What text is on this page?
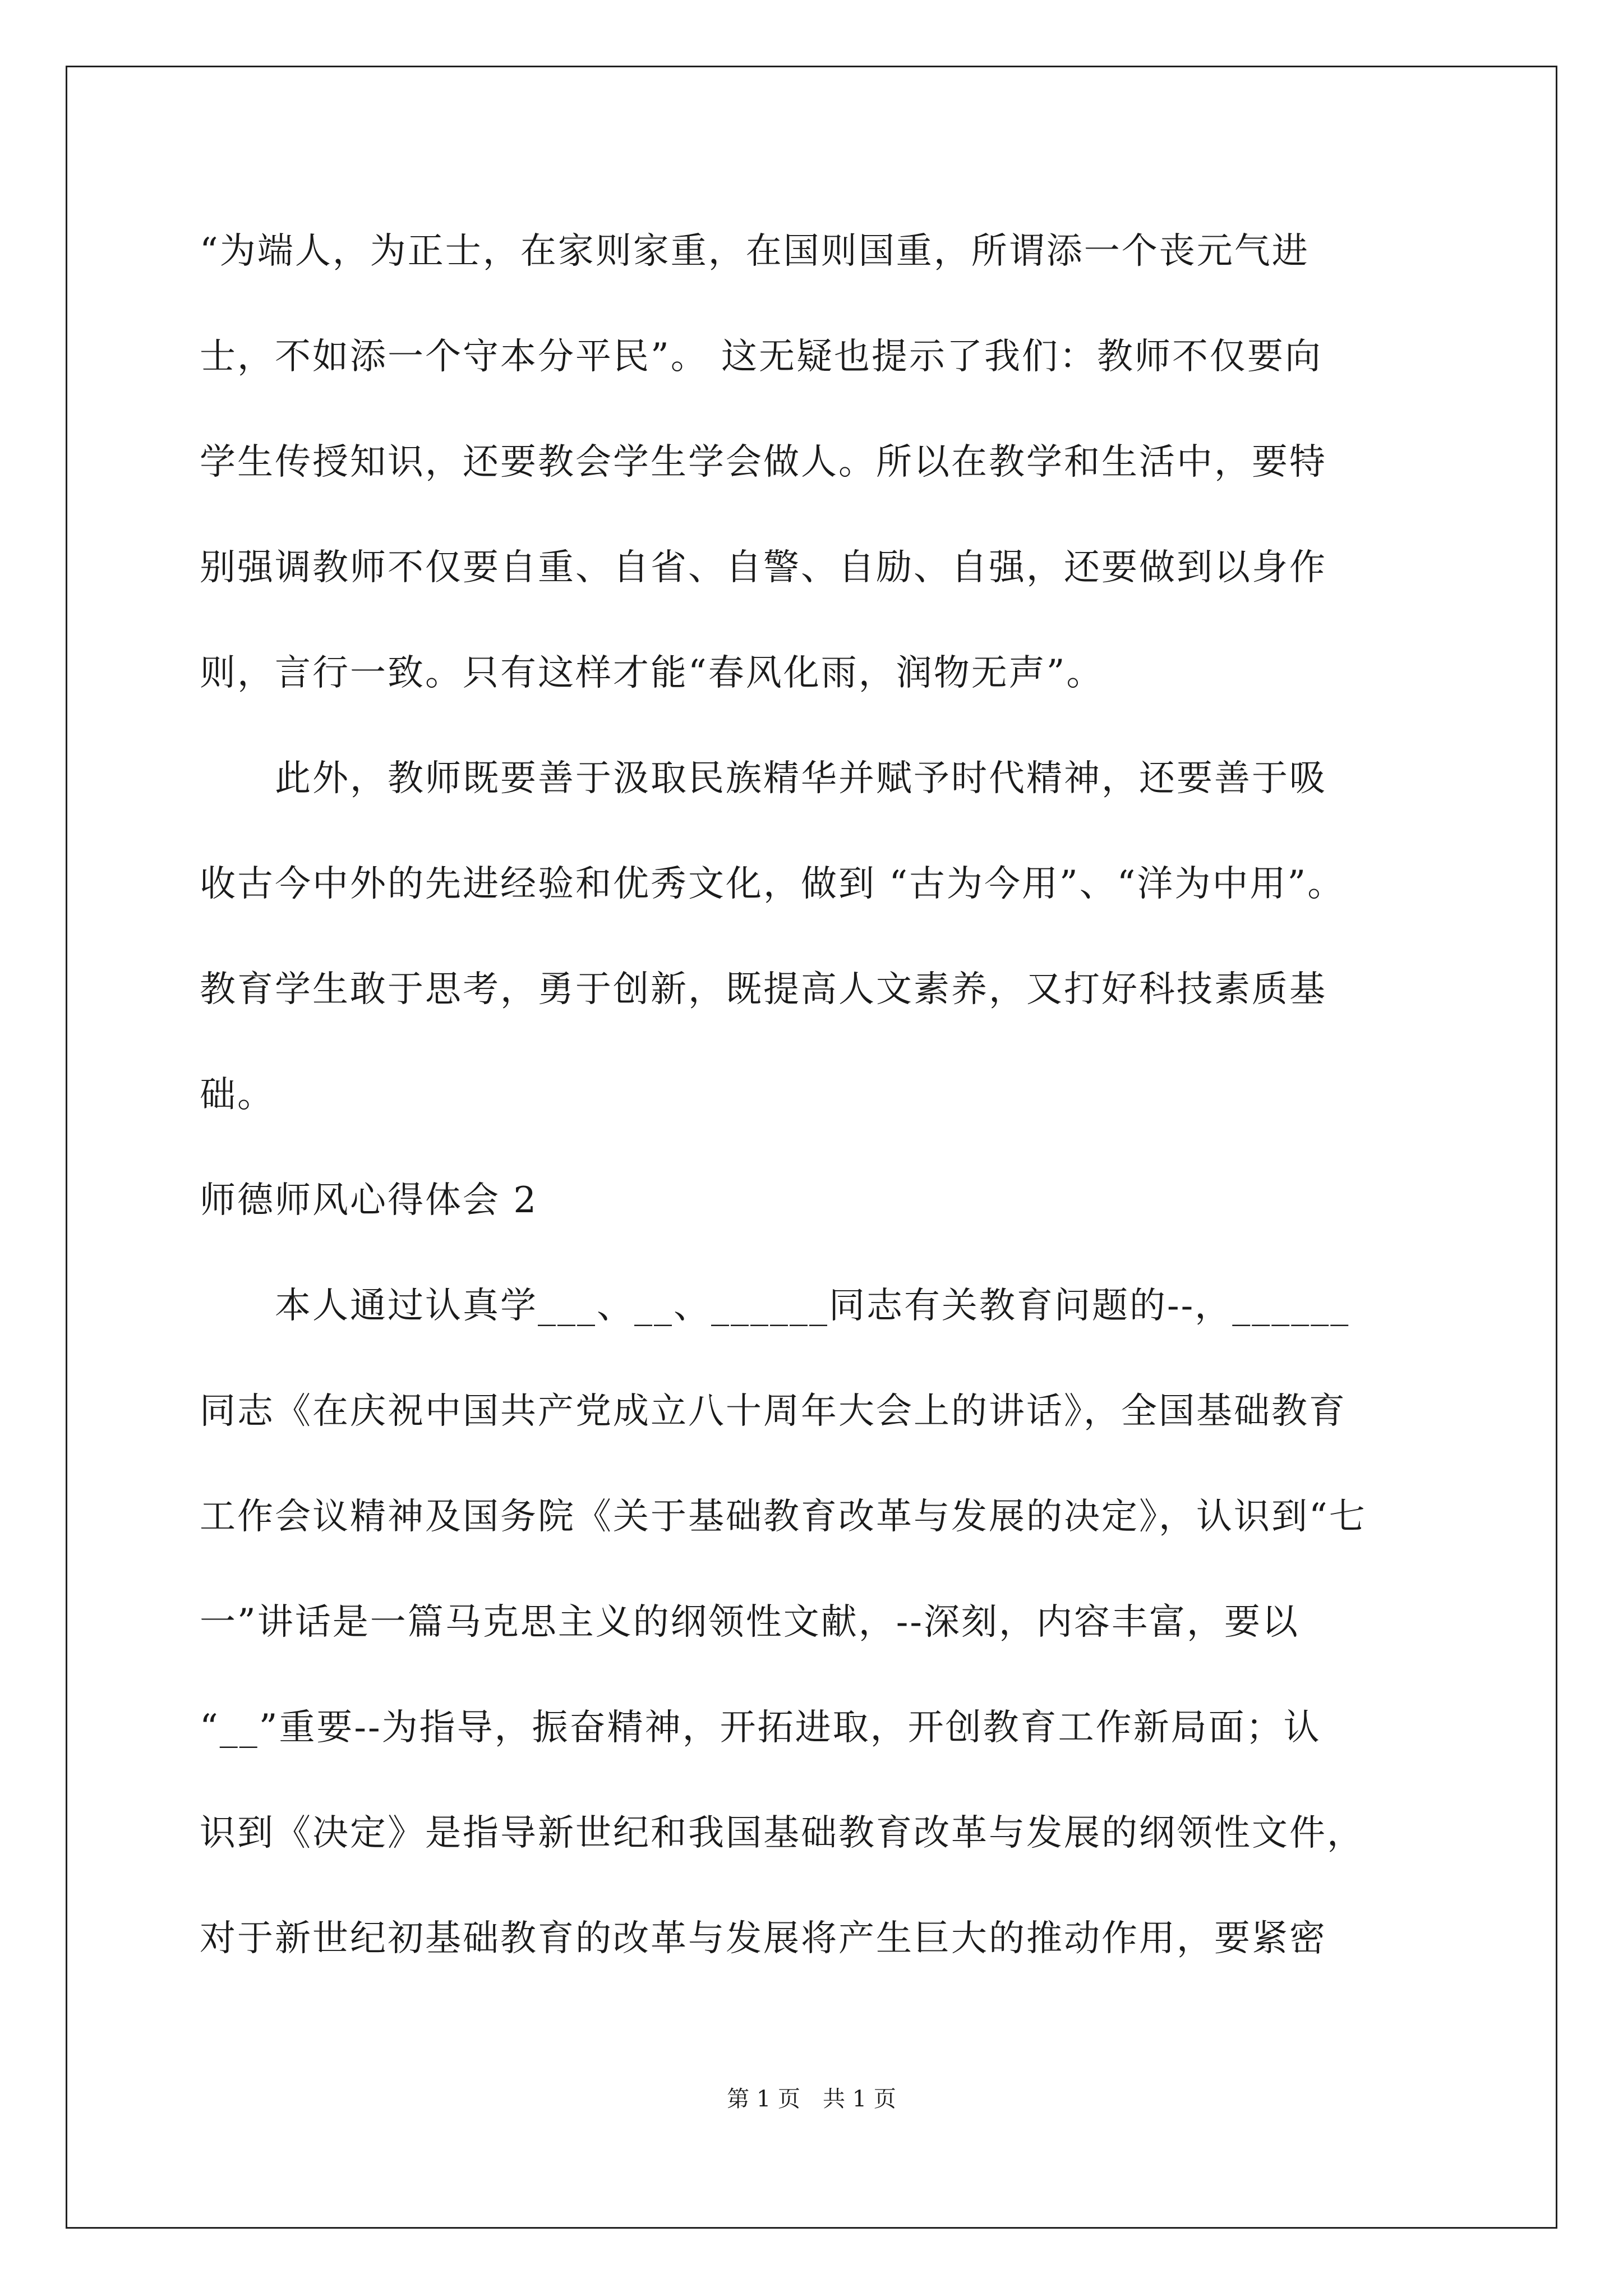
“为端人，为正士，在家则家重，在国则国重，所谓添一个丧元气进
士，不如添一个守本分平民”。 这无疑也提示了我们：教师不仅要向
学生传授知识，还要教会学生学会做人。所以在教学和生活中，要特
别强调教师不仅要自重、自省、自警、自励、自强，还要做到以身作
则，言行一致。只有这样才能“春风化雨，润物无声”。
　　此外，教师既要善于汲取民族精华并赋予时代精神，还要善于吸
收古今中外的先进经验和优秀文化，做到 “古为今用”、“洋为中用”。
教育学生敢于思考，勇于创新，既提高人文素养，又打好科技素质基
础。
师德师风心得体会 2
　　本人通过认真学___、__、______同志有关教育问题的--，______
同志《在庆祝中国共产党成立八十周年大会上的讲话》，全国基础教育
工作会议精神及国务院《关于基础教育改革与发展的决定》，认识到“七
一”讲话是一篇马克思主义的纲领性文献，--深刻，内容丰富，要以
“__”重要--为指导，振奋精神，开拓进取，开创教育工作新局面；认
识到《决定》是指导新世纪和我国基础教育改革与发展的纲领性文件，
对于新世纪初基础教育的改革与发展将产生巨大的推动作用，要紧密
第 1 页　共 1 页
